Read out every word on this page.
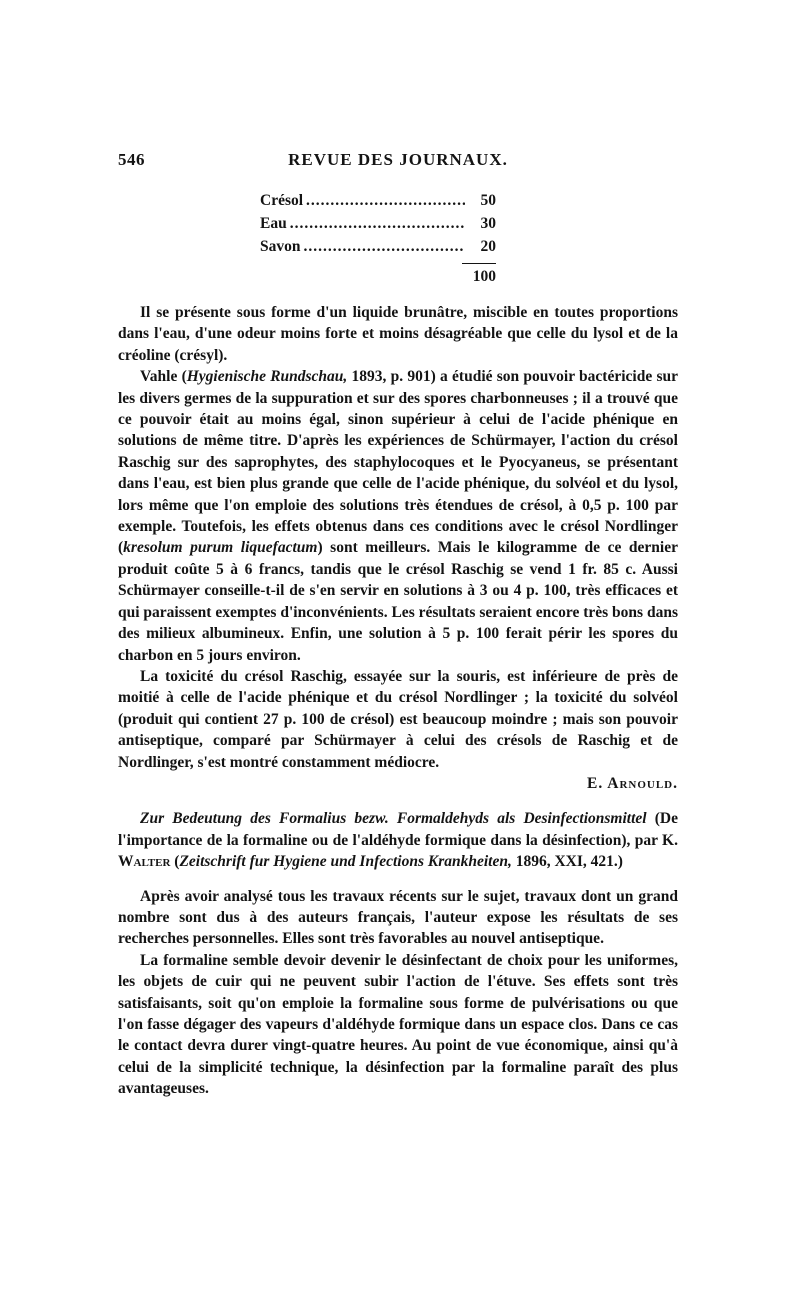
546	REVUE DES JOURNAUX.
Crésol .....	50
Eau .....	30
Savon .....	20
100

Il se présente sous forme d'un liquide brunâtre, miscible en toutes proportions dans l'eau, d'une odeur moins forte et moins désagréable que celle du lysol et de la créoline (crésyl).

Vahle (Hygienische Rundschau, 1893, p. 901) a étudié son pouvoir bactéricide sur les divers germes de la suppuration et sur des spores charbonneuses ; il a trouvé que ce pouvoir était au moins égal, sinon supérieur à celui de l'acide phénique en solutions de même titre. D'après les expériences de Schürmayer, l'action du crésol Raschig sur des saprophytes, des staphylocoques et le Pyocyaneus, se présentant dans l'eau, est bien plus grande que celle de l'acide phénique, du solvéol et du lysol, lors même que l'on emploie des solutions très étendues de crésol, à 0,5 p. 100 par exemple. Toutefois, les effets obtenus dans ces conditions avec le crésol Nordlinger (kresolum purum liquefactum) sont meilleurs. Mais le kilogramme de ce dernier produit coûte 5 à 6 francs, tandis que le crésol Raschig se vend 1 fr. 85 c. Aussi Schürmayer conseille-t-il de s'en servir en solutions à 3 ou 4 p. 100, très efficaces et qui paraissent exemptes d'inconvénients. Les résultats seraient encore très bons dans des milieux albumineux. Enfin, une solution à 5 p. 100 ferait périr les spores du charbon en 5 jours environ.

La toxicité du crésol Raschig, essayée sur la souris, est inférieure de près de moitié à celle de l'acide phénique et du crésol Nordlinger ; la toxicité du solvéol (produit qui contient 27 p. 100 de crésol) est beaucoup moindre ; mais son pouvoir antiseptique, comparé par Schürmayer à celui des crésols de Raschig et de Nordlinger, s'est montré constamment médiocre.

E. Arnould.

Zur Bedeutung des Formalius bezw. Formaldehyds als Desinfectionsmittel (De l'importance de la formaline ou de l'aldéhyde formique dans la désinfection), par K. Walter (Zeitschrift fur Hygiene und Infections Krankheiten, 1896, XXI, 421.)

Après avoir analysé tous les travaux récents sur le sujet, travaux dont un grand nombre sont dus à des auteurs français, l'auteur expose les résultats de ses recherches personnelles. Elles sont très favorables au nouvel antiseptique.

La formaline semble devoir devenir le désinfectant de choix pour les uniformes, les objets de cuir qui ne peuvent subir l'action de l'étuve. Ses effets sont très satisfaisants, soit qu'on emploie la formaline sous forme de pulvérisations ou que l'on fasse dégager des vapeurs d'aldéhyde formique dans un espace clos. Dans ce cas le contact devra durer vingt-quatre heures. Au point de vue économique, ainsi qu'à celui de la simplicité technique, la désinfection par la formaline paraît des plus avantageuses.
